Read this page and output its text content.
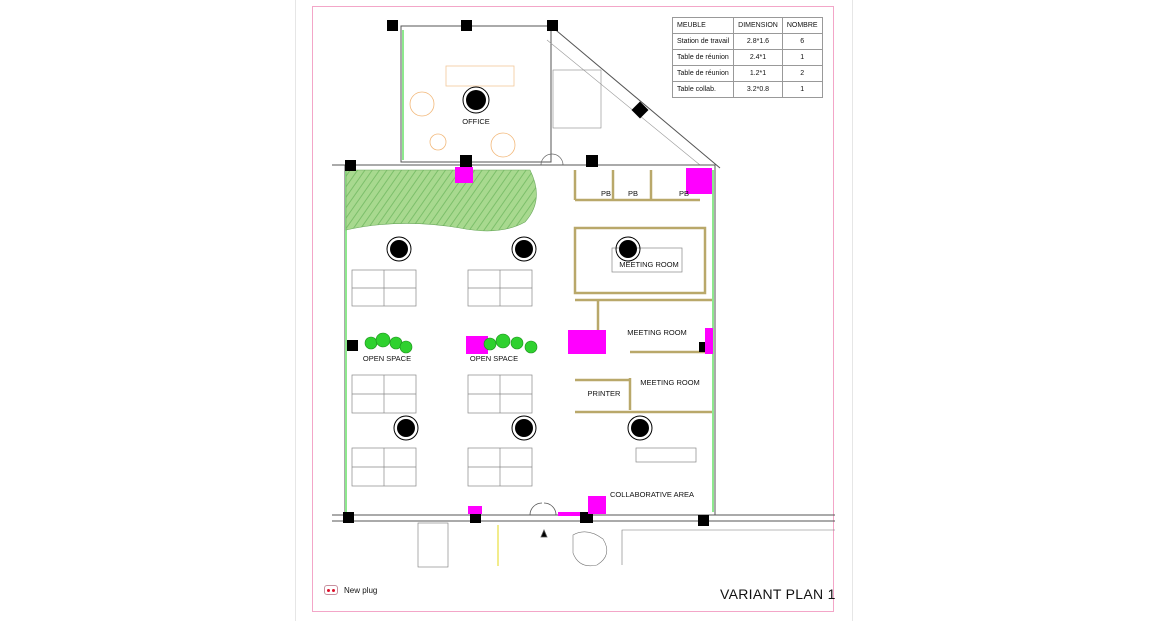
MEUBLE	DIMENSION	NOMBRE
Station de travail	2.8*1.6	6
Table de réunion	2.4*1	1
Table de réunion	1.2*1	2
Table collab.	3.2*0.8	1
OFFICE
PB PB	PB
MEETING ROOM
MEETING ROOM
MEETING ROOM
OPEN SPACE	OPEN SPACE
PRINTER
COLLABORATIVE AREA
New plug	VARIANT PLAN 1
